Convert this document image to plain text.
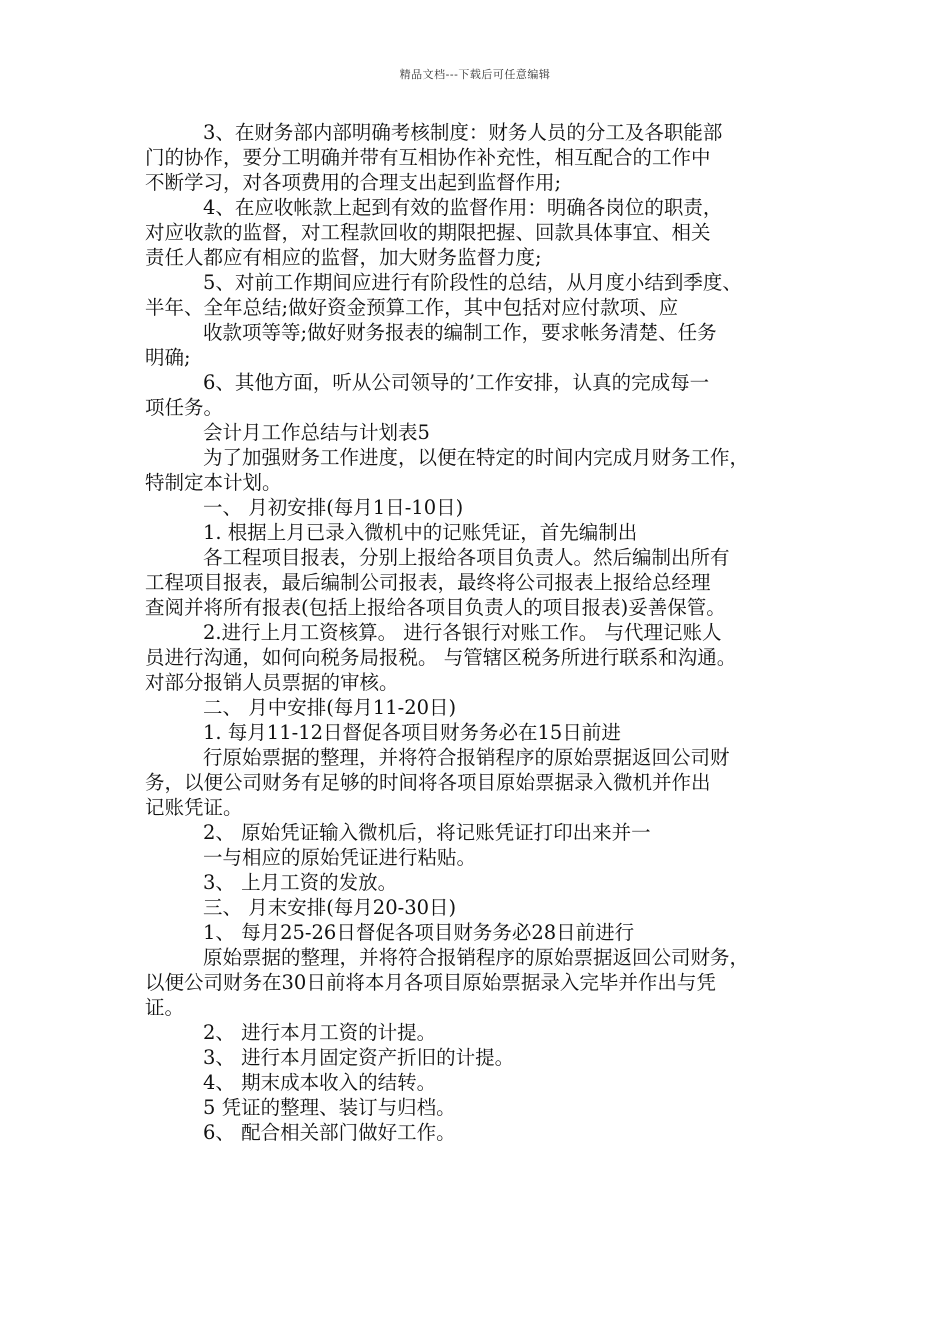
精品文档---下载后可任意编辑
3、在财务部内部明确考核制度：财务人员的分工及各职能部
门的协作，要分工明确并带有互相协作补充性，相互配合的工作中
不断学习，对各项费用的合理支出起到监督作用;
4、在应收帐款上起到有效的监督作用：明确各岗位的职责，
对应收款的监督，对工程款回收的期限把握、回款具体事宜、相关
责任人都应有相应的监督，加大财务监督力度;
5、对前工作期间应进行有阶段性的总结，从月度小结到季度、
半年、全年总结;做好资金预算工作，其中包括对应付款项、应
收款项等等;做好财务报表的编制工作，要求帐务清楚、任务
明确;
6、其他方面，听从公司领导的’工作安排，认真的完成每一
项任务。
会计月工作总结与计划表5
为了加强财务工作进度，以便在特定的时间内完成月财务工作，
特制定本计划。
一、 月初安排(每月1日-10日)
1. 根据上月已录入微机中的记账凭证，首先编制出
各工程项目报表，分别上报给各项目负责人。然后编制出所有
工程项目报表，最后编制公司报表，最终将公司报表上报给总经理
查阅并将所有报表(包括上报给各项目负责人的项目报表)妥善保管。
2.进行上月工资核算。 进行各银行对账工作。 与代理记账人
员进行沟通，如何向税务局报税。 与管辖区税务所进行联系和沟通。
对部分报销人员票据的审核。
二、 月中安排(每月11-20日)
1. 每月11-12日督促各项目财务务必在15日前进
行原始票据的整理，并将符合报销程序的原始票据返回公司财
务，以便公司财务有足够的时间将各项目原始票据录入微机并作出
记账凭证。
2、 原始凭证输入微机后，将记账凭证打印出来并一
一与相应的原始凭证进行粘贴。
3、 上月工资的发放。
三、 月末安排(每月20-30日)
1、 每月25-26日督促各项目财务务必28日前进行
原始票据的整理，并将符合报销程序的原始票据返回公司财务，
以便公司财务在30日前将本月各项目原始票据录入完毕并作出与凭
证。
2、 进行本月工资的计提。
3、 进行本月固定资产折旧的计提。
4、 期末成本收入的结转。
5 凭证的整理、装订与归档。
6、 配合相关部门做好工作。
